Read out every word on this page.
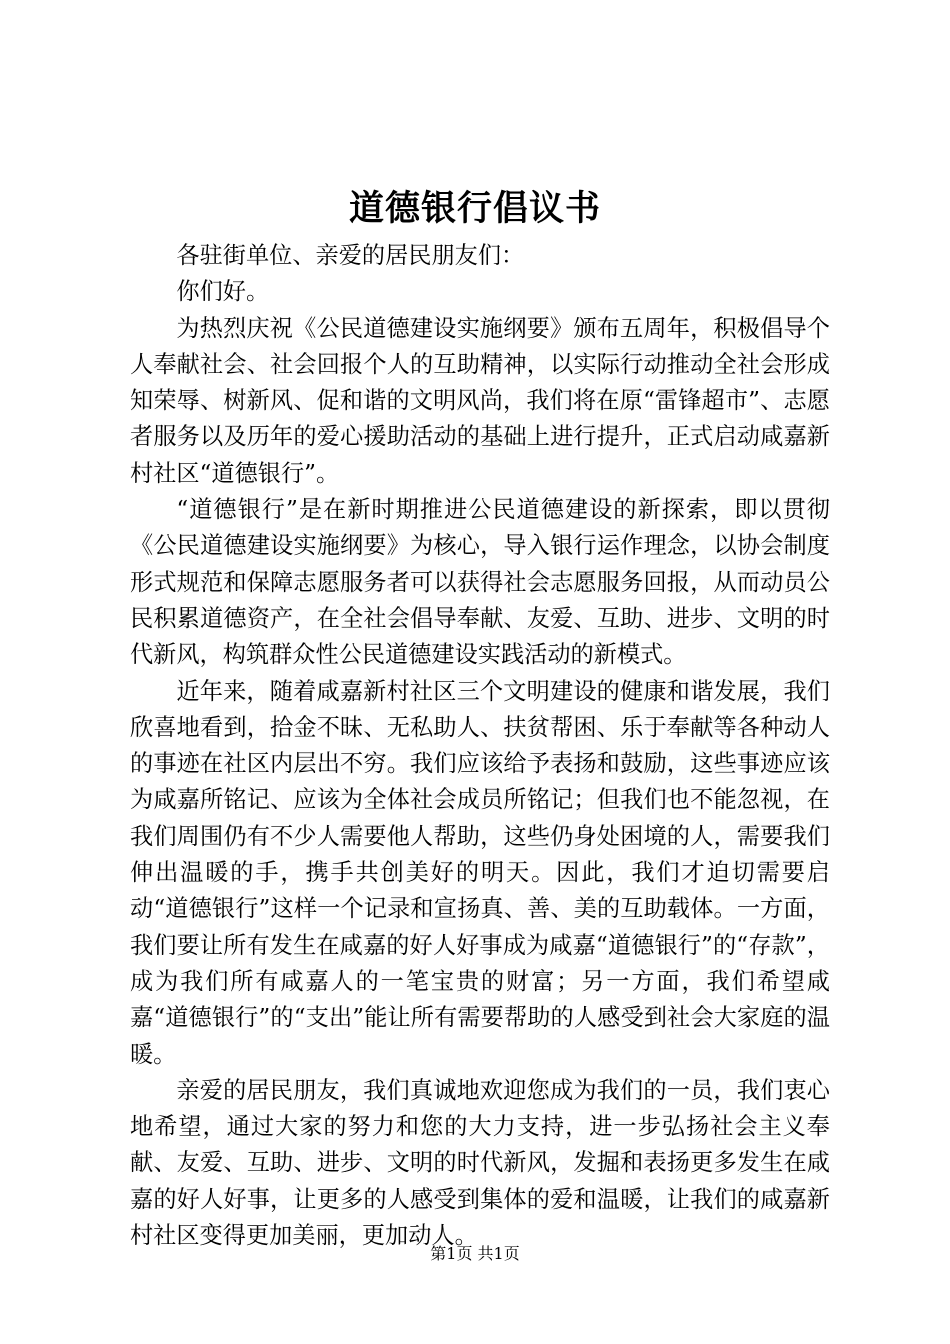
道德银行倡议书

各驻街单位、亲爱的居民朋友们：

你们好。

为热烈庆祝《公民道德建设实施纲要》颁布五周年，积极倡导个人奉献社会、社会回报个人的互助精神，以实际行动推动全社会形成知荣辱、树新风、促和谐的文明风尚，我们将在原“雷锋超市”、志愿者服务以及历年的爱心援助活动的基础上进行提升，正式启动咸嘉新村社区“道德银行”。

“道德银行”是在新时期推进公民道德建设的新探索，即以贯彻《公民道德建设实施纲要》为核心，导入银行运作理念，以协会制度形式规范和保障志愿服务者可以获得社会志愿服务回报，从而动员公民积累道德资产，在全社会倡导奉献、友爱、互助、进步、文明的时代新风，构筑群众性公民道德建设实践活动的新模式。

近年来，随着咸嘉新村社区三个文明建设的健康和谐发展，我们欣喜地看到，拾金不昧、无私助人、扶贫帮困、乐于奉献等各种动人的事迹在社区内层出不穷。我们应该给予表扬和鼓励，这些事迹应该为咸嘉所铭记、应该为全体社会成员所铭记；但我们也不能忽视，在我们周围仍有不少人需要他人帮助，这些仍身处困境的人，需要我们伸出温暖的手，携手共创美好的明天。因此，我们才迫切需要启动“道德银行”这样一个记录和宣扬真、善、美的互助载体。一方面，我们要让所有发生在咸嘉的好人好事成为咸嘉“道德银行”的“存款”，成为我们所有咸嘉人的一笔宝贵的财富；另一方面，我们希望咸嘉“道德银行”的“支出”能让所有需要帮助的人感受到社会大家庭的温暖。

亲爱的居民朋友，我们真诚地欢迎您成为我们的一员，我们衷心地希望，通过大家的努力和您的大力支持，进一步弘扬社会主义奉献、友爱、互助、进步、文明的时代新风，发掘和表扬更多发生在咸嘉的好人好事，让更多的人感受到集体的爱和温暖，让我们的咸嘉新村社区变得更加美丽，更加动人。

第1页 共1页
